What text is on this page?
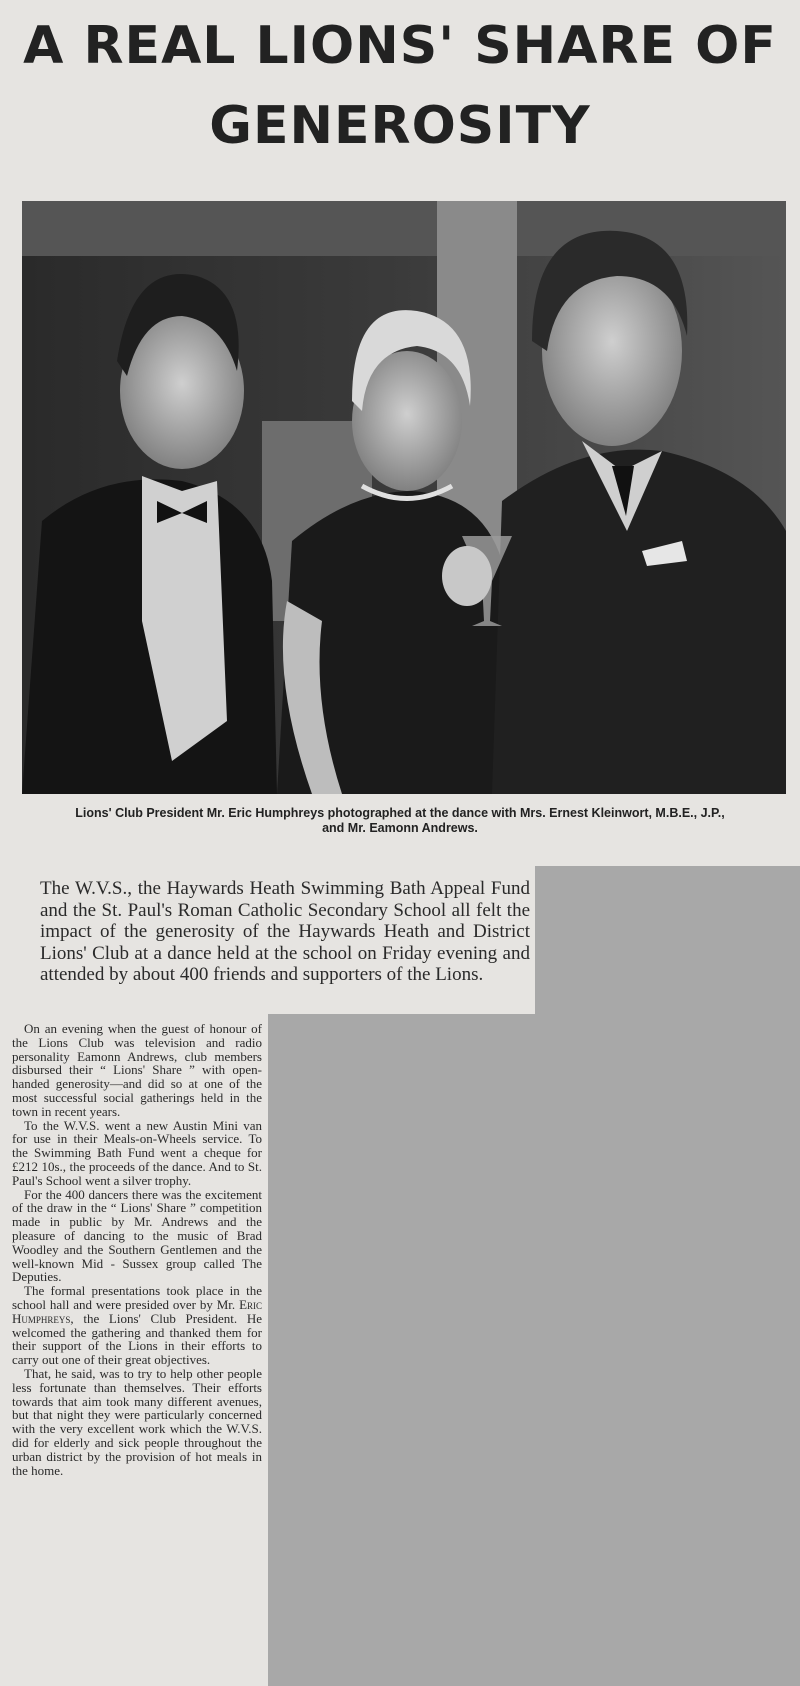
A REAL LIONS' SHARE OF
GENEROSITY
Lions' Club President Mr. Eric Humphreys photographed at the dance with Mrs. Ernest Kleinwort, M.B.E., J.P.,
and Mr. Eamonn Andrews.
The W.V.S., the Haywards Heath Swimming Bath Appeal Fund and the St. Paul's Roman Catholic Secondary School all felt the impact of the generosity of the Haywards Heath and District Lions' Club at a dance held at the school on Friday evening and attended by about 400 friends and supporters of the Lions.

On an evening when the guest of honour of the Lions Club was television and radio personality Eamonn Andrews, club members disbursed their “ Lions' Share ” with open-handed generosity—and did so at one of the most successful social gatherings held in the town in recent years.

To the W.V.S. went a new Austin Mini van for use in their Meals-on-Wheels service. To the Swimming Bath Fund went a cheque for £212 10s., the proceeds of the dance. And to St. Paul's School went a silver trophy.

For the 400 dancers there was the excitement of the draw in the “ Lions' Share ” competition made in public by Mr. Andrews and the pleasure of dancing to the music of Brad Woodley and the Southern Gentlemen and the well-known Mid - Sussex group called The Deputies.

The formal presentations took place in the school hall and were presided over by Mr. Eric Humphreys, the Lions' Club President. He welcomed the gathering and thanked them for their support of the Lions in their efforts to carry out one of their great objectives.

That, he said, was to try to help other people less fortunate than themselves. Their efforts towards that aim took many different avenues, but that night they were particularly concerned with the very excellent work which the W.V.S. did for elderly and sick people throughout the urban district by the provision of hot meals in the home.
